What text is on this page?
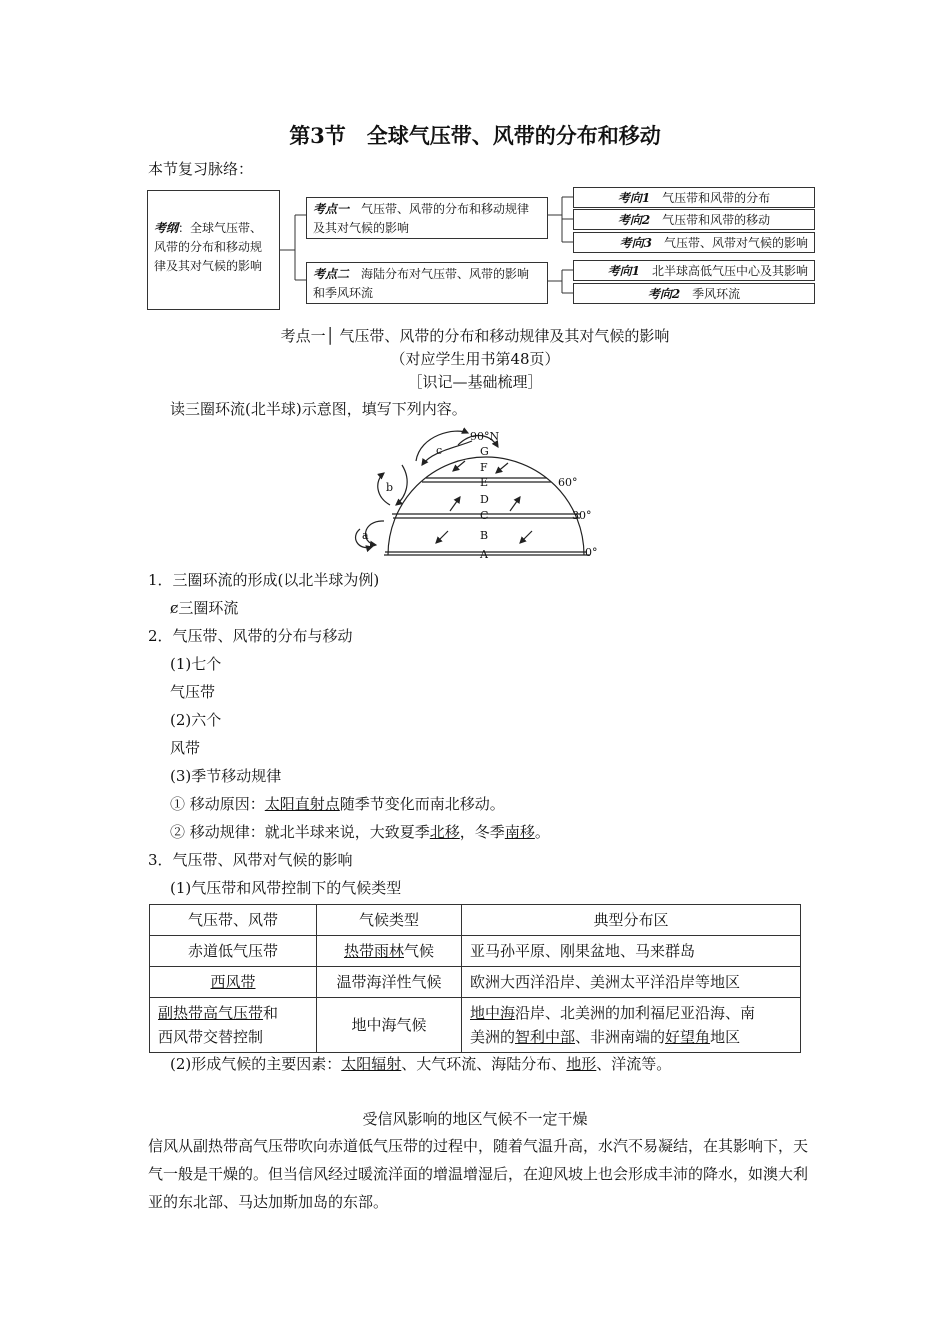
第3节　全球气压带、风带的分布和移动
本节复习脉络：
考纲：全球气压带、风带的分布和移动规律及其对气候的影响
考点一　气压带、风带的分布和移动规律及其对气候的影响
考点二　海陆分布对气压带、风带的影响和季风环流
考向1　气压带和风带的分布
考向2　气压带和风带的移动
考向3　气压带、风带对气候的影响
考向1　北半球高低气压中心及其影响
考向2　季风环流
考点一│ 气压带、风带的分布和移动规律及其对气候的影响
（对应学生用书第48页）
［识记—基础梳理］
读三圈环流(北半球)示意图，填写下列内容。
90°N
60°
30°
0°
A
B
C
D
E
F
G
a
b
c
1．三圈环流的形成(以北半球为例)
ȼ三圈环流
2．气压带、风带的分布与移动
(1)七个
气压带
(2)六个
风带
(3)季节移动规律
① 移动原因：太阳直射点随季节变化而南北移动。
② 移动规律：就北半球来说，大致夏季北移，冬季南移。
3．气压带、风带对气候的影响
(1)气压带和风带控制下的气候类型
气压带、风带	气候类型	典型分布区
赤道低气压带	热带雨林气候	亚马孙平原、刚果盆地、马来群岛
西风带	温带海洋性气候	欧洲大西洋沿岸、美洲太平洋沿岸等地区
副热带高气压带和
西风带交替控制	地中海气候	地中海沿岸、北美洲的加利福尼亚沿海、南
美洲的智利中部、非洲南端的好望角地区
(2)形成气候的主要因素：太阳辐射、大气环流、海陆分布、地形、洋流等。
受信风影响的地区气候不一定干燥
信风从副热带高气压带吹向赤道低气压带的过程中，随着气温升高，水汽不易凝结，在其影响下，天气一般是干燥的。但当信风经过暖流洋面的增温增湿后，在迎风坡上也会形成丰沛的降水，如澳大利亚的东北部、马达加斯加岛的东部。
